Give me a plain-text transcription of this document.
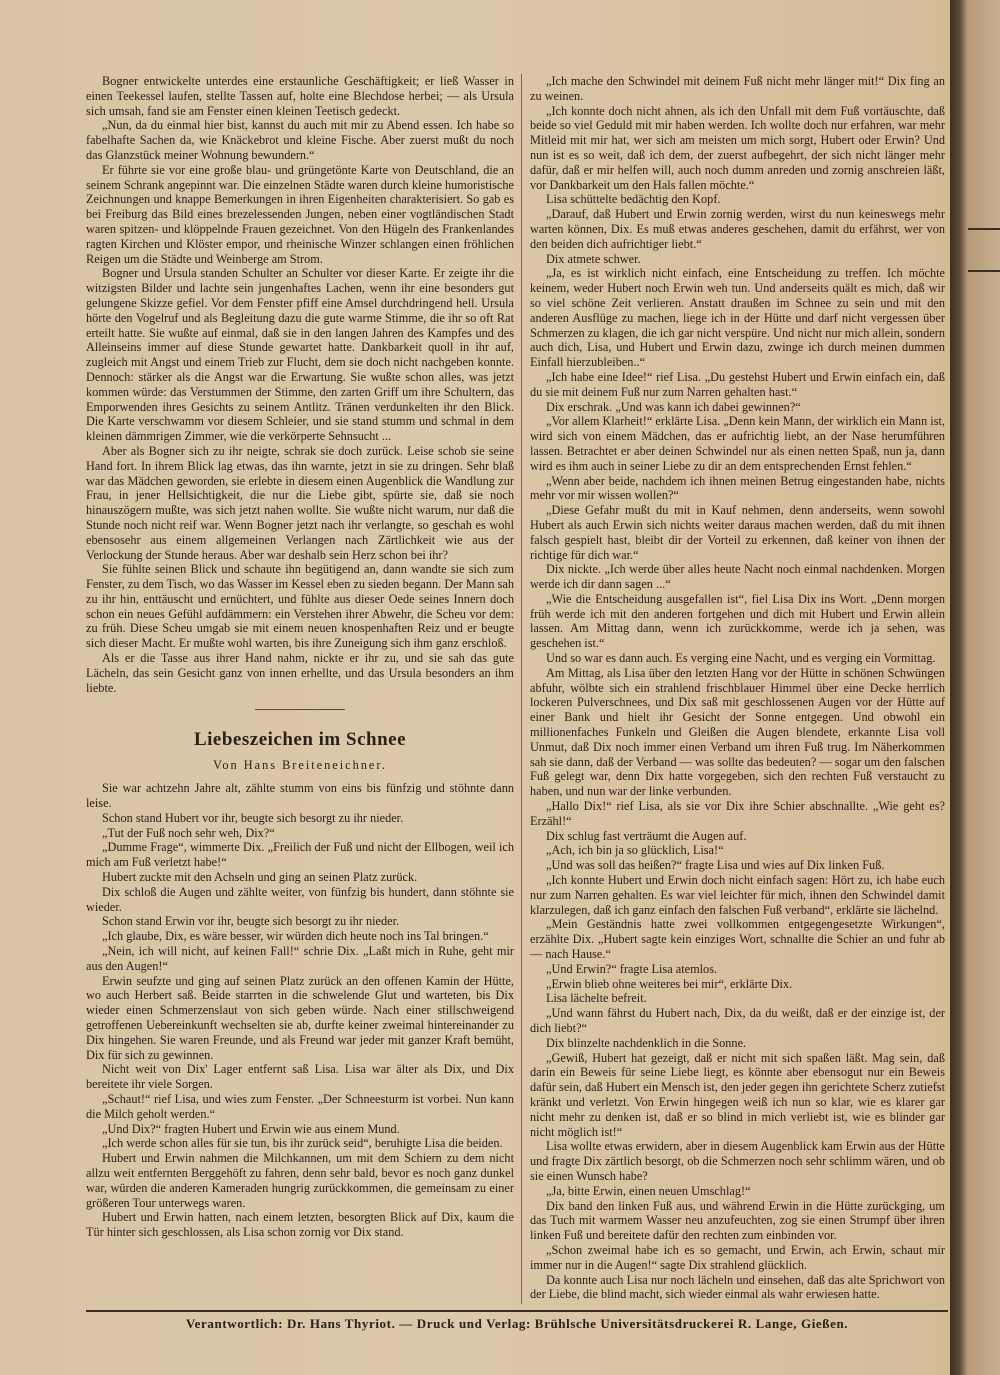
Bogner entwickelte unterdes eine erstaunliche Geschäftigkeit; er ließ Wasser in einen Teekessel laufen, stellte Tassen auf, holte eine Blechdose herbei; — als Ursula sich umsah, fand sie am Fenster einen kleinen Teetisch gedeckt.

„Nun, da du einmal hier bist, kannst du auch mit mir zu Abend essen. Ich habe so fabelhafte Sachen da, wie Knäckebrot und kleine Fische. Aber zuerst mußt du noch das Glanzstück meiner Wohnung bewundern.“

Er führte sie vor eine große blau- und grüngetönte Karte von Deutschland, die an seinem Schrank angepinnt war. Die einzelnen Städte waren durch kleine humoristische Zeichnungen und knappe Bemerkungen in ihren Eigenheiten charakterisiert. So gab es bei Freiburg das Bild eines brezelessenden Jungen, neben einer vogtländischen Stadt waren spitzen- und klöppelnde Frauen gezeichnet. Von den Hügeln des Frankenlandes ragten Kirchen und Klöster empor, und rheinische Winzer schlangen einen fröhlichen Reigen um die Städte und Weinberge am Strom.

Bogner und Ursula standen Schulter an Schulter vor dieser Karte. Er zeigte ihr die witzigsten Bilder und lachte sein jungenhaftes Lachen, wenn ihr eine besonders gut gelungene Skizze gefiel. Vor dem Fenster pfiff eine Amsel durchdringend hell. Ursula hörte den Vogelruf und als Begleitung dazu die gute warme Stimme, die ihr so oft Rat erteilt hatte. Sie wußte auf einmal, daß sie in den langen Jahren des Kampfes und des Alleinseins immer auf diese Stunde gewartet hatte. Dankbarkeit quoll in ihr auf, zugleich mit Angst und einem Trieb zur Flucht, dem sie doch nicht nachgeben konnte. Dennoch: stärker als die Angst war die Erwartung. Sie wußte schon alles, was jetzt kommen würde: das Verstummen der Stimme, den zarten Griff um ihre Schultern, das Emporwenden ihres Gesichts zu seinem Antlitz. Tränen verdunkelten ihr den Blick. Die Karte verschwamm vor diesem Schleier, und sie stand stumm und schmal in dem kleinen dämmrigen Zimmer, wie die verkörperte Sehnsucht ...

Aber als Bogner sich zu ihr neigte, schrak sie doch zurück. Leise schob sie seine Hand fort. In ihrem Blick lag etwas, das ihn warnte, jetzt in sie zu dringen. Sehr blaß war das Mädchen geworden, sie erlebte in diesem einen Augenblick die Wandlung zur Frau, in jener Hellsichtigkeit, die nur die Liebe gibt, spürte sie, daß sie noch hinauszögern mußte, was sich jetzt nahen wollte. Sie wußte nicht warum, nur daß die Stunde noch nicht reif war. Wenn Bogner jetzt nach ihr verlangte, so geschah es wohl ebensosehr aus einem allgemeinen Verlangen nach Zärtlichkeit wie aus der Verlockung der Stunde heraus. Aber war deshalb sein Herz schon bei ihr?

Sie fühlte seinen Blick und schaute ihn begütigend an, dann wandte sie sich zum Fenster, zu dem Tisch, wo das Wasser im Kessel eben zu sieden begann. Der Mann sah zu ihr hin, enttäuscht und ernüchtert, und fühlte aus dieser Oede seines Innern doch schon ein neues Gefühl aufdämmern: ein Verstehen ihrer Abwehr, die Scheu vor dem: zu früh. Diese Scheu umgab sie mit einem neuen knospenhaften Reiz und er beugte sich dieser Macht. Er mußte wohl warten, bis ihre Zuneigung sich ihm ganz erschloß.

Als er die Tasse aus ihrer Hand nahm, nickte er ihr zu, und sie sah das gute Lächeln, das sein Gesicht ganz von innen erhellte, und das Ursula besonders an ihm liebte.

Liebeszeichen im Schnee

Von Hans Breiteneichner.

Sie war achtzehn Jahre alt, zählte stumm von eins bis fünfzig und stöhnte dann leise.

Schon stand Hubert vor ihr, beugte sich besorgt zu ihr nieder.

„Tut der Fuß noch sehr weh, Dix?“

„Dumme Frage“, wimmerte Dix. „Freilich der Fuß und nicht der Ellbogen, weil ich mich am Fuß verletzt habe!“

Hubert zuckte mit den Achseln und ging an seinen Platz zurück.

Dix schloß die Augen und zählte weiter, von fünfzig bis hundert, dann stöhnte sie wieder.

Schon stand Erwin vor ihr, beugte sich besorgt zu ihr nieder.

„Ich glaube, Dix, es wäre besser, wir würden dich heute noch ins Tal bringen.“

„Nein, ich will nicht, auf keinen Fall!“ schrie Dix. „Laßt mich in Ruhe, geht mir aus den Augen!“

Erwin seufzte und ging auf seinen Platz zurück an den offenen Kamin der Hütte, wo auch Herbert saß. Beide starrten in die schwelende Glut und warteten, bis Dix wieder einen Schmerzenslaut von sich geben würde. Nach einer stillschweigend getroffenen Uebereinkunft wechselten sie ab, durfte keiner zweimal hintereinander zu Dix hingehen. Sie waren Freunde, und als Freund war jeder mit ganzer Kraft bemüht, Dix für sich zu gewinnen.

Nicht weit von Dix' Lager entfernt saß Lisa. Lisa war älter als Dix, und Dix bereitete ihr viele Sorgen.

„Schaut!“ rief Lisa, und wies zum Fenster. „Der Schneesturm ist vorbei. Nun kann die Milch geholt werden.“

„Und Dix?“ fragten Hubert und Erwin wie aus einem Mund.

„Ich werde schon alles für sie tun, bis ihr zurück seid“, beruhigte Lisa die beiden.

Hubert und Erwin nahmen die Milchkannen, um mit dem Schiern zu dem nicht allzu weit entfernten Berggehöft zu fahren, denn sehr bald, bevor es noch ganz dunkel war, würden die anderen Kameraden hungrig zurückkommen, die gemeinsam zu einer größeren Tour unterwegs waren.

Hubert und Erwin hatten, nach einem letzten, besorgten Blick auf Dix, kaum die Tür hinter sich geschlossen, als Lisa schon zornig vor Dix stand.

„Ich mache den Schwindel mit deinem Fuß nicht mehr länger mit!“ Dix fing an zu weinen.

„Ich konnte doch nicht ahnen, als ich den Unfall mit dem Fuß vortäuschte, daß beide so viel Geduld mit mir haben werden. Ich wollte doch nur erfahren, war mehr Mitleid mit mir hat, wer sich am meisten um mich sorgt, Hubert oder Erwin? Und nun ist es so weit, daß ich dem, der zuerst aufbegehrt, der sich nicht länger mehr dafür, daß er mir helfen will, auch noch dumm anreden und zornig anschreien läßt, vor Dankbarkeit um den Hals fallen möchte.“

Lisa schüttelte bedächtig den Kopf.

„Darauf, daß Hubert und Erwin zornig werden, wirst du nun keineswegs mehr warten können, Dix. Es muß etwas anderes geschehen, damit du erfährst, wer von den beiden dich aufrichtiger liebt.“

Dix atmete schwer.

„Ja, es ist wirklich nicht einfach, eine Entscheidung zu treffen. Ich möchte keinem, weder Hubert noch Erwin weh tun. Und anderseits quält es mich, daß wir so viel schöne Zeit verlieren. Anstatt draußen im Schnee zu sein und mit den anderen Ausflüge zu machen, liege ich in der Hütte und darf nicht vergessen über Schmerzen zu klagen, die ich gar nicht verspüre. Und nicht nur mich allein, sondern auch dich, Lisa, und Hubert und Erwin dazu, zwinge ich durch meinen dummen Einfall hierzubleiben..“

„Ich habe eine Idee!“ rief Lisa. „Du gestehst Hubert und Erwin einfach ein, daß du sie mit deinem Fuß nur zum Narren gehalten hast.“

Dix erschrak. „Und was kann ich dabei gewinnen?“

„Vor allem Klarheit!“ erklärte Lisa. „Denn kein Mann, der wirklich ein Mann ist, wird sich von einem Mädchen, das er aufrichtig liebt, an der Nase herumführen lassen. Betrachtet er aber deinen Schwindel nur als einen netten Spaß, nun ja, dann wird es ihm auch in seiner Liebe zu dir an dem entsprechenden Ernst fehlen.“

„Wenn aber beide, nachdem ich ihnen meinen Betrug eingestanden habe, nichts mehr vor mir wissen wollen?“

„Diese Gefahr mußt du mit in Kauf nehmen, denn anderseits, wenn sowohl Hubert als auch Erwin sich nichts weiter daraus machen werden, daß du mit ihnen falsch gespielt hast, bleibt dir der Vorteil zu erkennen, daß keiner von ihnen der richtige für dich war.“

Dix nickte. „Ich werde über alles heute Nacht noch einmal nachdenken. Morgen werde ich dir dann sagen ...“

„Wie die Entscheidung ausgefallen ist“, fiel Lisa Dix ins Wort. „Denn morgen früh werde ich mit den anderen fortgehen und dich mit Hubert und Erwin allein lassen. Am Mittag dann, wenn ich zurückkomme, werde ich ja sehen, was geschehen ist.“

Und so war es dann auch. Es verging eine Nacht, und es verging ein Vormittag.

Am Mittag, als Lisa über den letzten Hang vor der Hütte in schönen Schwüngen abfuhr, wölbte sich ein strahlend frischblauer Himmel über eine Decke herrlich lockeren Pulverschnees, und Dix saß mit geschlossenen Augen vor der Hütte auf einer Bank und hielt ihr Gesicht der Sonne entgegen. Und obwohl ein millionenfaches Funkeln und Gleißen die Augen blendete, erkannte Lisa voll Unmut, daß Dix noch immer einen Verband um ihren Fuß trug. Im Näherkommen sah sie dann, daß der Verband — was sollte das bedeuten? — sogar um den falschen Fuß gelegt war, denn Dix hatte vorgegeben, sich den rechten Fuß verstaucht zu haben, und nun war der linke verbunden.

„Hallo Dix!“ rief Lisa, als sie vor Dix ihre Schier abschnallte. „Wie geht es? Erzähl!“

Dix schlug fast verträumt die Augen auf.

„Ach, ich bin ja so glücklich, Lisa!“

„Und was soll das heißen?“ fragte Lisa und wies auf Dix linken Fuß.

„Ich konnte Hubert und Erwin doch nicht einfach sagen: Hört zu, ich habe euch nur zum Narren gehalten. Es war viel leichter für mich, ihnen den Schwindel damit klarzulegen, daß ich ganz einfach den falschen Fuß verband“, erklärte sie lächelnd.

„Mein Geständnis hatte zwei vollkommen entgegengesetzte Wirkungen“, erzählte Dix. „Hubert sagte kein einziges Wort, schnallte die Schier an und fuhr ab — nach Hause.“

„Und Erwin?“ fragte Lisa atemlos.

„Erwin blieb ohne weiteres bei mir“, erklärte Dix.

Lisa lächelte befreit.

„Und wann fährst du Hubert nach, Dix, da du weißt, daß er der einzige ist, der dich liebt?“

Dix blinzelte nachdenklich in die Sonne.

„Gewiß, Hubert hat gezeigt, daß er nicht mit sich spaßen läßt. Mag sein, daß darin ein Beweis für seine Liebe liegt, es könnte aber ebensogut nur ein Beweis dafür sein, daß Hubert ein Mensch ist, den jeder gegen ihn gerichtete Scherz zutiefst kränkt und verletzt. Von Erwin hingegen weiß ich nun so klar, wie es klarer gar nicht mehr zu denken ist, daß er so blind in mich verliebt ist, wie es blinder gar nicht möglich ist!“

Lisa wollte etwas erwidern, aber in diesem Augenblick kam Erwin aus der Hütte und fragte Dix zärtlich besorgt, ob die Schmerzen noch sehr schlimm wären, und ob sie einen Wunsch habe?

„Ja, bitte Erwin, einen neuen Umschlag!“

Dix band den linken Fuß aus, und während Erwin in die Hütte zurückging, um das Tuch mit warmem Wasser neu anzufeuchten, zog sie einen Strumpf über ihren linken Fuß und bereitete dafür den rechten zum einbinden vor.

„Schon zweimal habe ich es so gemacht, und Erwin, ach Erwin, schaut mir immer nur in die Augen!“ sagte Dix strahlend glücklich.

Da konnte auch Lisa nur noch lächeln und einsehen, daß das alte Sprichwort von der Liebe, die blind macht, sich wieder einmal als wahr erwiesen hatte.

Verantwortlich: Dr. Hans Thyriot. — Druck und Verlag: Brühlsche Universitätsdruckerei R. Lange, Gießen.
